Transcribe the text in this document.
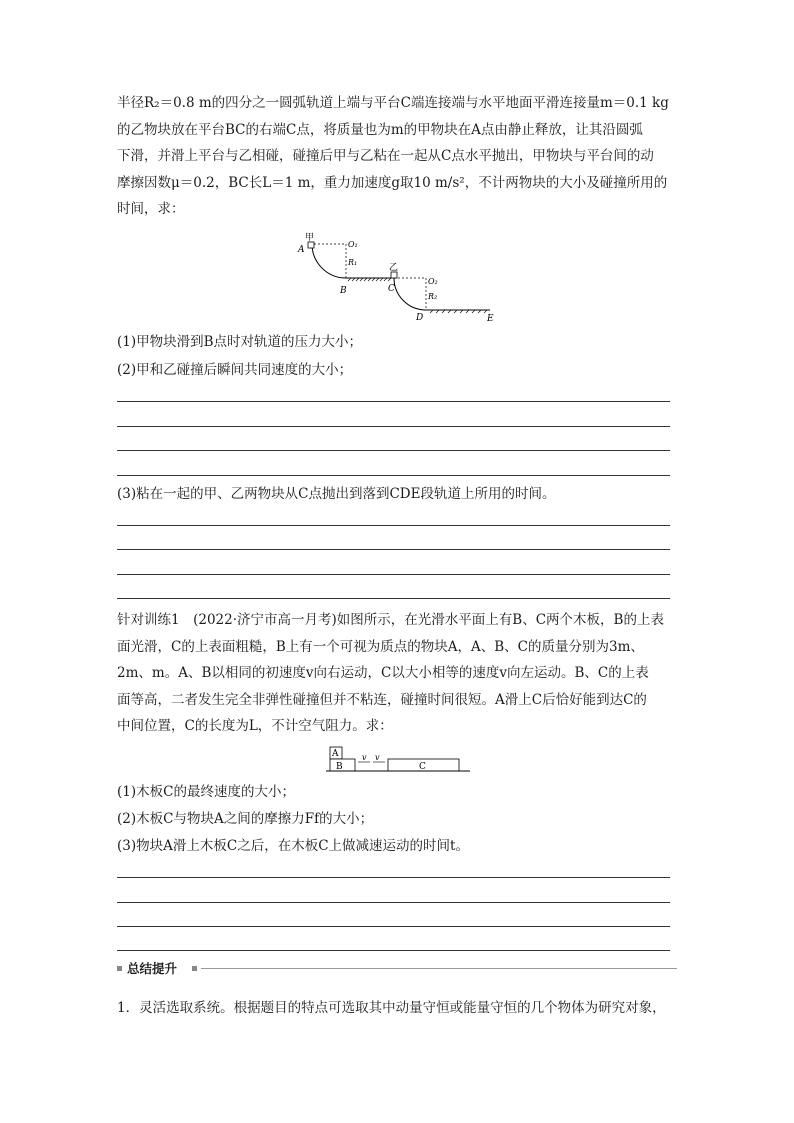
半径R₂＝0.8 m的四分之一圆弧轨道上端与平台C端连接端与水平地面平滑连接量m＝0.1 kg
的乙物块放在平台BC的右端C点，将质量也为m的甲物块在A点由静止释放，让其沿圆弧
下滑，并滑上平台与乙相碰，碰撞后甲与乙粘在一起从C点水平抛出，甲物块与平台间的动
摩擦因数μ＝0.2，BC长L＝1 m，重力加速度g取10 m/s²，不计两物块的大小及碰撞所用的
时间，求：
甲
A
O₁
R₁
B
乙
C
O₂
R₂
D	E
(1)甲物块滑到B点时对轨道的压力大小；
(2)甲和乙碰撞后瞬间共同速度的大小；
(3)粘在一起的甲、乙两物块从C点抛出到落到CDE段轨道上所用的时间。
针对训练1　(2022·济宁市高一月考)如图所示，在光滑水平面上有B、C两个木板，B的上表
面光滑，C的上表面粗糙，B上有一个可视为质点的物块A，A、B、C的质量分别为3m、
2m、m。A、B以相同的初速度v向右运动，C以大小相等的速度v向左运动。B、C的上表
面等高，二者发生完全非弹性碰撞但并不粘连，碰撞时间很短。A滑上C后恰好能到达C的
中间位置，C的长度为L，不计空气阻力。求：
A
B	C
v v
(1)木板C的最终速度的大小；
(2)木板C与物块A之间的摩擦力Ff的大小；
(3)物块A滑上木板C之后，在木板C上做减速运动的时间t。
总结提升
1．灵活选取系统。根据题目的特点可选取其中动量守恒或能量守恒的几个物体为研究对象，
